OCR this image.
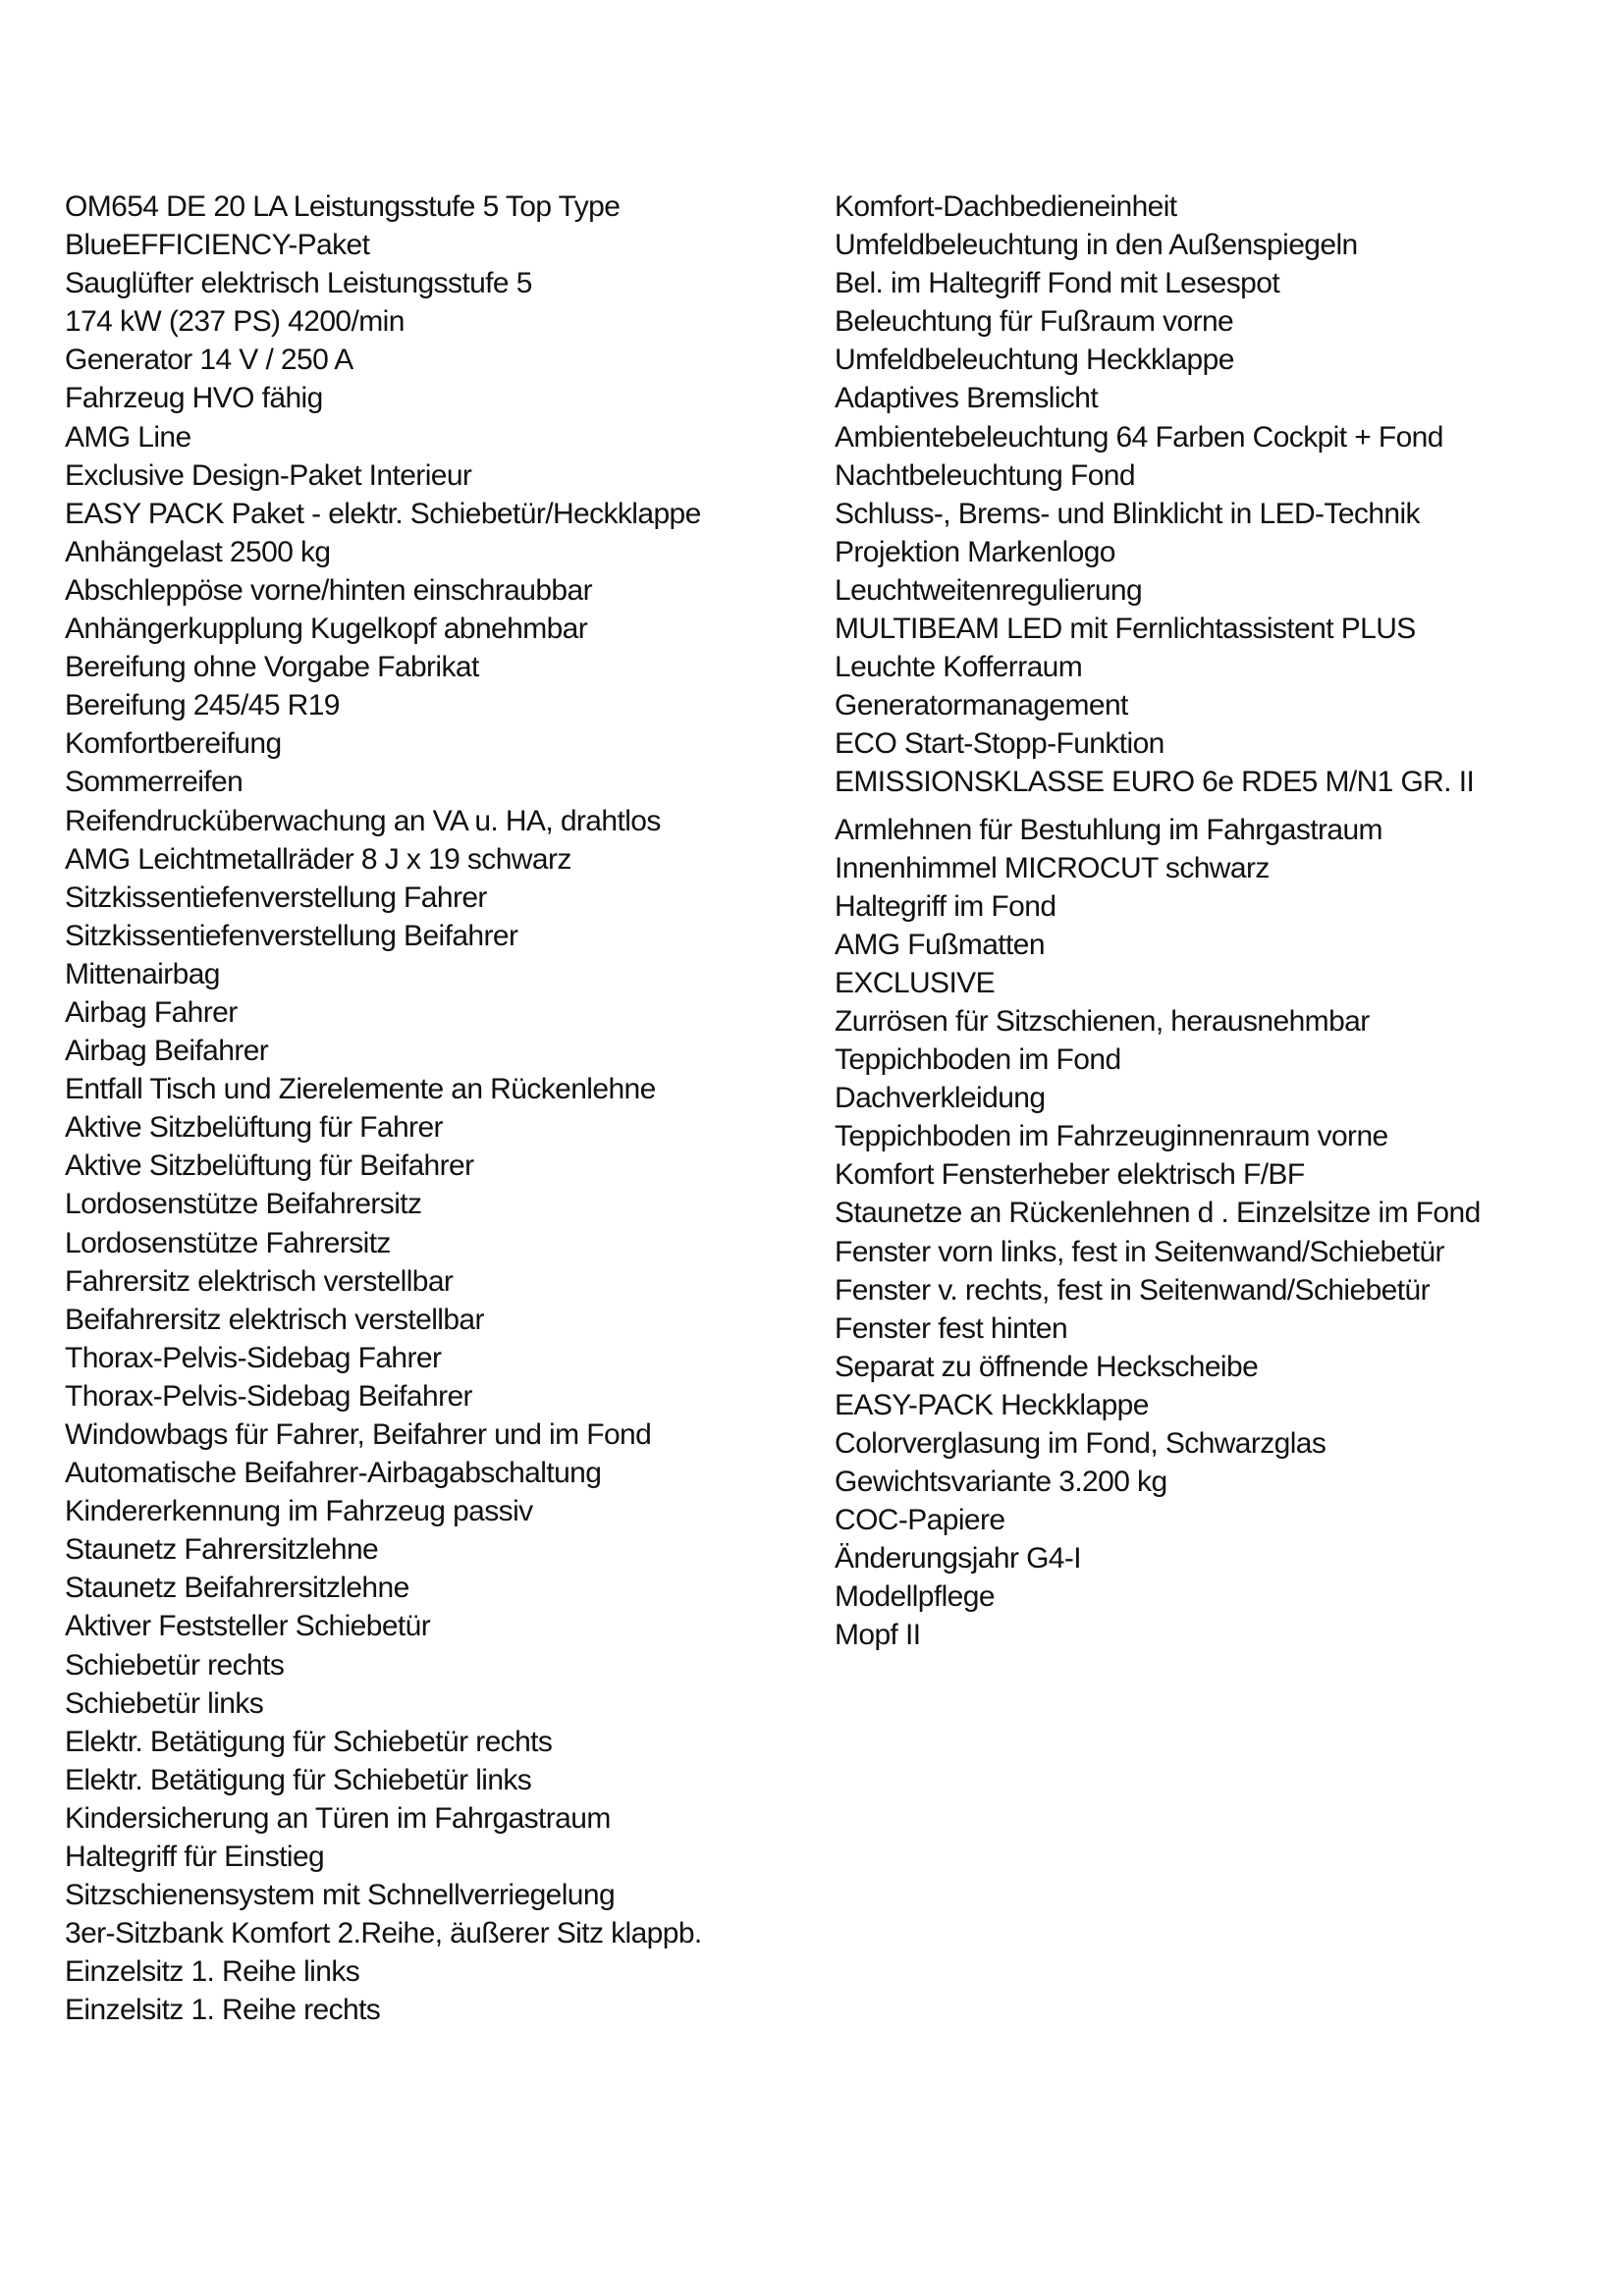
OM654 DE 20 LA Leistungsstufe 5 Top Type
BlueEFFICIENCY-Paket
Sauglüfter elektrisch Leistungsstufe 5
174 kW (237 PS) 4200/min
Generator 14 V / 250 A
Fahrzeug HVO fähig
AMG Line
Exclusive Design-Paket Interieur
EASY PACK Paket - elektr. Schiebetür/Heckklappe
Anhängelast 2500 kg
Abschleppöse vorne/hinten einschraubbar
Anhängerkupplung Kugelkopf abnehmbar
Bereifung ohne Vorgabe Fabrikat
Bereifung 245/45 R19
Komfortbereifung
Sommerreifen
Reifendrucküberwachung an VA u. HA, drahtlos
AMG Leichtmetallräder 8 J x 19 schwarz
Sitzkissentiefenverstellung Fahrer
Sitzkissentiefenverstellung Beifahrer
Mittenairbag
Airbag Fahrer
Airbag Beifahrer
Entfall Tisch und Zierelemente an Rückenlehne
Aktive Sitzbelüftung für Fahrer
Aktive Sitzbelüftung für Beifahrer
Lordosenstütze Beifahrersitz
Lordosenstütze Fahrersitz
Fahrersitz elektrisch verstellbar
Beifahrersitz elektrisch verstellbar
Thorax-Pelvis-Sidebag Fahrer
Thorax-Pelvis-Sidebag Beifahrer
Windowbags für Fahrer, Beifahrer und im Fond
Automatische Beifahrer-Airbagabschaltung
Kindererkennung im Fahrzeug passiv
Staunetz Fahrersitzlehne
Staunetz Beifahrersitzlehne
Aktiver Feststeller Schiebetür
Schiebetür rechts
Schiebetür links
Elektr. Betätigung für Schiebetür rechts
Elektr. Betätigung für Schiebetür links
Kindersicherung an Türen im Fahrgastraum
Haltegriff für Einstieg
Sitzschienensystem mit Schnellverriegelung
3er-Sitzbank Komfort 2.Reihe, äußerer Sitz klappb.
Einzelsitz 1. Reihe links
Einzelsitz 1. Reihe rechts
Komfort-Dachbedieneinheit
Umfeldbeleuchtung in den Außenspiegeln
Bel. im Haltegriff Fond mit Lesespot
Beleuchtung für Fußraum vorne
Umfeldbeleuchtung Heckklappe
Adaptives Bremslicht
Ambientebeleuchtung 64 Farben Cockpit + Fond
Nachtbeleuchtung Fond
Schluss-, Brems- und Blinklicht in LED-Technik
Projektion Markenlogo
Leuchtweitenregulierung
MULTIBEAM LED mit Fernlichtassistent PLUS
Leuchte Kofferraum
Generatormanagement
ECO Start-Stopp-Funktion
EMISSIONSKLASSE EURO 6e RDE5 M/N1 GR. II
Armlehnen für Bestuhlung im Fahrgastraum
Innenhimmel MICROCUT schwarz
Haltegriff im Fond
AMG Fußmatten
EXCLUSIVE
Zurrösen für Sitzschienen, herausnehmbar
Teppichboden im Fond
Dachverkleidung
Teppichboden im Fahrzeuginnenraum vorne
Komfort Fensterheber elektrisch F/BF
Staunetze an Rückenlehnen d . Einzelsitze im Fond
Fenster vorn links, fest in Seitenwand/Schiebetür
Fenster v. rechts, fest in Seitenwand/Schiebetür
Fenster fest hinten
Separat zu öffnende Heckscheibe
EASY-PACK Heckklappe
Colorverglasung im Fond, Schwarzglas
Gewichtsvariante 3.200 kg
COC-Papiere
Änderungsjahr G4-I
Modellpflege
Mopf II
